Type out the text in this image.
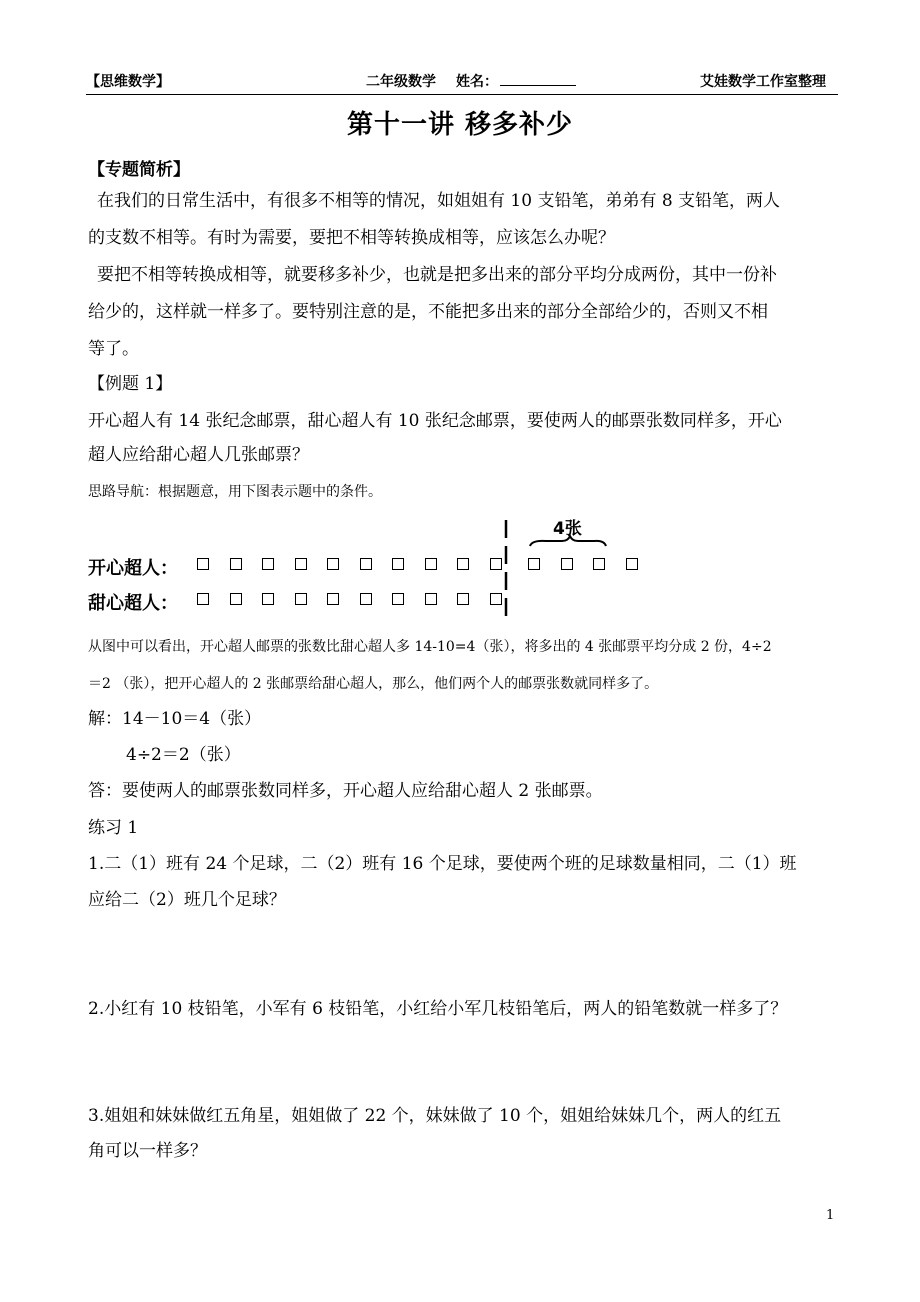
【思维数学】	二年级数学 姓名：	艾娃数学工作室整理
第十一讲 移多补少
【专题简析】
在我们的日常生活中，有很多不相等的情况，如姐姐有 10 支铅笔，弟弟有 8 支铅笔，两人
的支数不相等。有时为需要，要把不相等转换成相等，应该怎么办呢？
要把不相等转换成相等，就要移多补少，也就是把多出来的部分平均分成两份，其中一份补
给少的，这样就一样多了。要特别注意的是，不能把多出来的部分全部给少的，否则又不相
等了。
【例题 1】
开心超人有 14 张纪念邮票，甜心超人有 10 张纪念邮票，要使两人的邮票张数同样多，开心
超人应给甜心超人几张邮票？
思路导航：根据题意，用下图表示题中的条件。
开心超人：
甜心超人：
4张
从图中可以看出，开心超人邮票的张数比甜心超人多 14-10=4（张），将多出的 4 张邮票平均分成 2 份，4÷2
＝2 （张），把开心超人的 2 张邮票给甜心超人，那么，他们两个人的邮票张数就同样多了。
解：14－10＝4（张）
4÷2＝2（张）
答：要使两人的邮票张数同样多，开心超人应给甜心超人 2 张邮票。
练习 1
1.二（1）班有 24 个足球，二（2）班有 16 个足球，要使两个班的足球数量相同，二（1）班
应给二（2）班几个足球？
2.小红有 10 枝铅笔，小军有 6 枝铅笔，小红给小军几枝铅笔后，两人的铅笔数就一样多了？
3.姐姐和妹妹做红五角星，姐姐做了 22 个，妹妹做了 10 个，姐姐给妹妹几个，两人的红五
角可以一样多？
1
